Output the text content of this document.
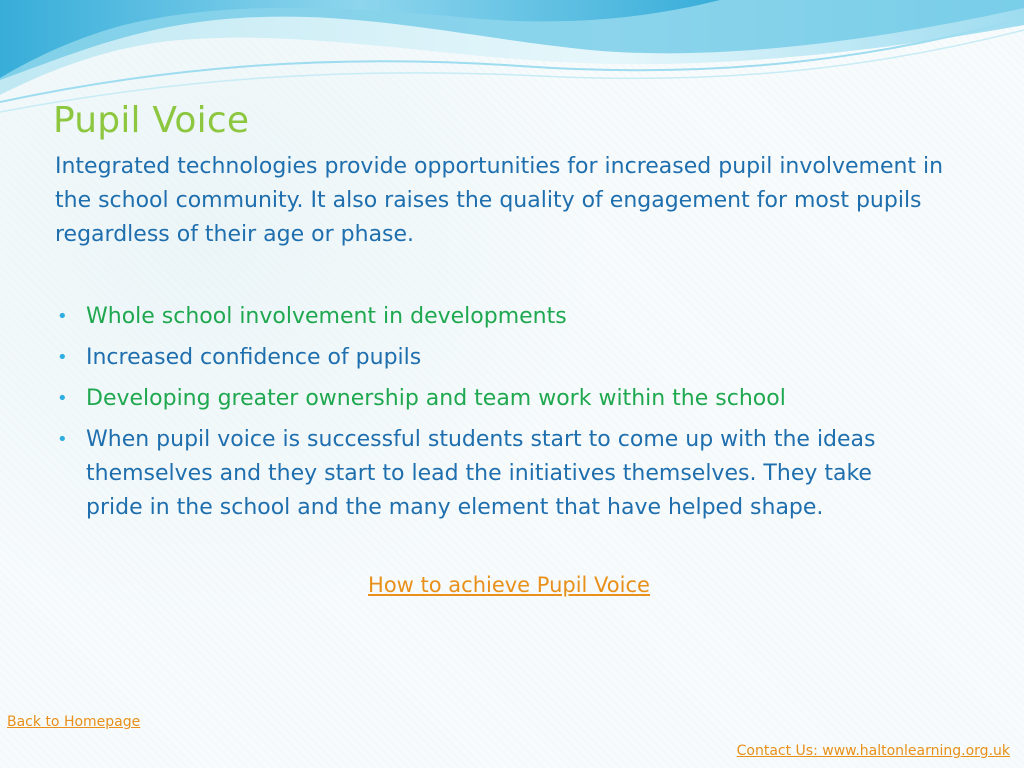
Pupil Voice

Integrated technologies provide opportunities for increased pupil involvement in the school community. It also raises the quality of engagement for most pupils regardless of their age or phase.

• Whole school involvement in developments
• Increased confidence of pupils
• Developing greater ownership and team work within the school
• When pupil voice is successful students start to come up with the ideas themselves and they start to lead the initiatives themselves. They take pride in the school and the many element that have helped shape.
How to achieve Pupil Voice
Back to Homepage
Contact Us: www.haltonlearning.org.uk
